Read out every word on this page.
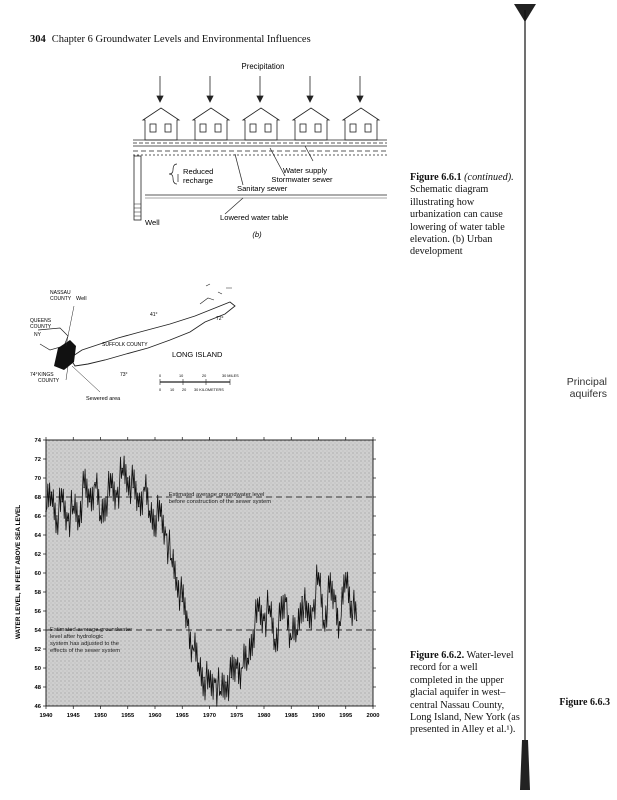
304 Chapter 6 Groundwater Levels and Environmental Influences
Precipitation
Water supply
Stormwater sewer
Reduced
recharge
Sanitary sewer
Well
Lowered water table
(b)
Figure 6.6.1 (continued). Schematic diagram illustrating how urbanization can cause lowering of water table elevation. (b) Urban development
NASSAU
COUNTY Well
QUEENS
COUNTY
NY
SUFFOLK COUNTY
KINGS
COUNTY
74°	73°
72°
41°
LONG ISLAND
Sewered area
0	10	20	30 MILES
0 10 20 30 KILOMETERS
WATER LEVEL, IN FEET ABOVE SEA LEVEL
46
48
50
52
54
56
58
60
62
64
66
68
70
72
74
1940 1945 1950 1955 1960 1965 1970 1975 1980 1985 1990 1995 2000
Estimated average groundwater level before construction of the sewer system
Estimated average groundwater level after hydrologic system has adjusted to the effects of the sewer system	Figure 6.6.2. Water-level record for a well completed in the upper glacial aquifer in west–central Nassau County, Long Island, New York (as presented in Alley et al.¹).
Principal
aquifers
Figure 6.6.3
